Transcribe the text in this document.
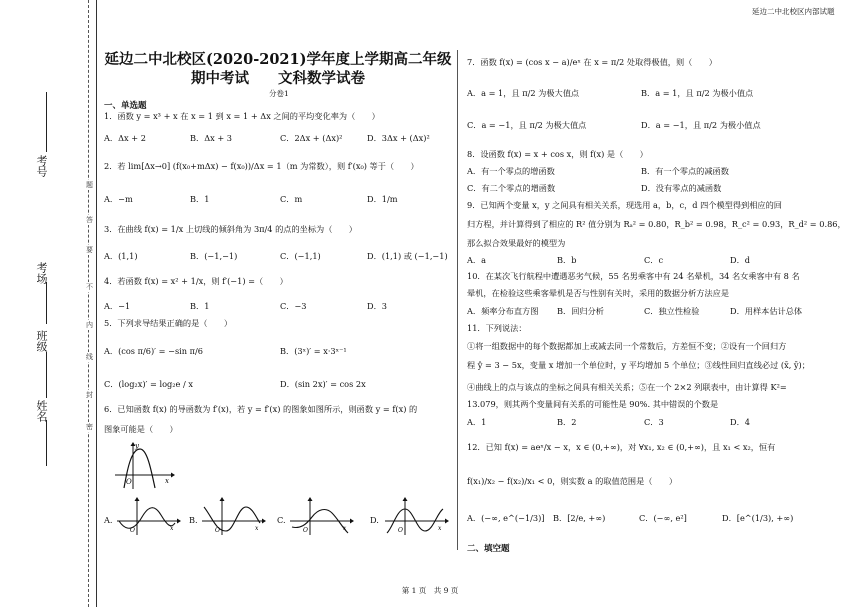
延边二中北校区内部试题
考号
考场
班级
姓名
题
答
要
不
内
线
封
密
延边二中北校区(2020-2021)学年度上学期高二年级
期中考试　　文科数学试卷
分卷1
一、单选题
1．函数 y = x³ + x 在 x = 1 到 x = 1 + Δx 之间的平均变化率为（　　）
A．Δx + 2	B．Δx + 3	C．2Δx + (Δx)²	D．3Δx + (Δx)²
2．若 lim[Δx→0] (f(x₀+mΔx) − f(x₀))/Δx = 1（m 为常数），则 f′(x₀) 等于（　　）
A．−m	B．1	C．m	D．1/m
3．在曲线 f(x) = 1/x 上切线的倾斜角为 3π/4 的点的坐标为（　　）
A．(1,1)	B．(−1,−1)	C．(−1,1)	D．(1,1) 或 (−1,−1)
4．若函数 f(x) = x² + 1/x，则 f′(−1) =（　　）
A．−1	B．1	C．−3	D．3
5．下列求导结果正确的是（　　）
A．(cos π/6)′ = −sin π/6	B．(3ˣ)′ = x·3ˣ⁻¹
C．(log₂x)′ = log₂e / x	D．(sin 2x)′ = cos 2x
6．已知函数 f(x) 的导函数为 f′(x)，若 y = f′(x) 的图象如图所示，则函数 y = f(x) 的
图象可能是（　　）
y
O	x
A.
O	x
B.
O	x
C.
O	x
D.
O	x
7．函数 f(x) = (cos x − a)/eˣ 在 x = π/2 处取得极值，则（　　）
A．a = 1，且 π/2 为极大值点	B．a = 1，且 π/2 为极小值点
C．a = −1，且 π/2 为极大值点	D．a = −1，且 π/2 为极小值点
8．设函数 f(x) = x + cos x，则 f(x) 是（　　）
A．有一个零点的增函数	B．有一个零点的减函数
C．有二个零点的增函数	D．没有零点的减函数
9．已知两个变量 x，y 之间具有相关关系，现选用 a，b，c，d 四个模型得到相应的回
归方程，并计算得到了相应的 R² 值分别为 Rₐ² = 0.80，R_b² = 0.98，R_c² = 0.93，R_d² = 0.86，
那么拟合效果最好的模型为
A．a	B．b	C．c	D．d
10．在某次飞行航程中遭遇恶劣气候，55 名男乘客中有 24 名晕机，34 名女乘客中有 8 名
晕机，在检验这些乘客晕机是否与性别有关时，采用的数据分析方法应是
A．频率分布直方图 B．回归分析	C．独立性检验	D．用样本估计总体
11．下列说法：
①将一组数据中的每个数据都加上或减去同一个常数后，方差恒不变；②设有一个回归方
程 ŷ = 3 − 5x，变量 x 增加一个单位时，y 平均增加 5 个单位；③线性回归直线必过 (x̄, ȳ)；
④曲线上的点与该点的坐标之间具有相关关系；⑤在一个 2×2 列联表中，由计算得 K²=
13.079，则其两个变量间有关系的可能性是 90%. 其中错误的个数是
A．1	B．2	C．3	D．4
12．已知 f(x) = aeˣ/x − x，x ∈ (0,+∞)，对 ∀x₁, x₂ ∈ (0,+∞)，且 x₁ < x₂，恒有
f(x₁)/x₂ − f(x₂)/x₁ < 0，则实数 a 的取值范围是（　　）
A．(−∞, e^(−1/3)] B．[2/e, +∞)	C．(−∞, e²]	D．[e^(1/3), +∞)
二、填空题
第 1 页　共 9 页
